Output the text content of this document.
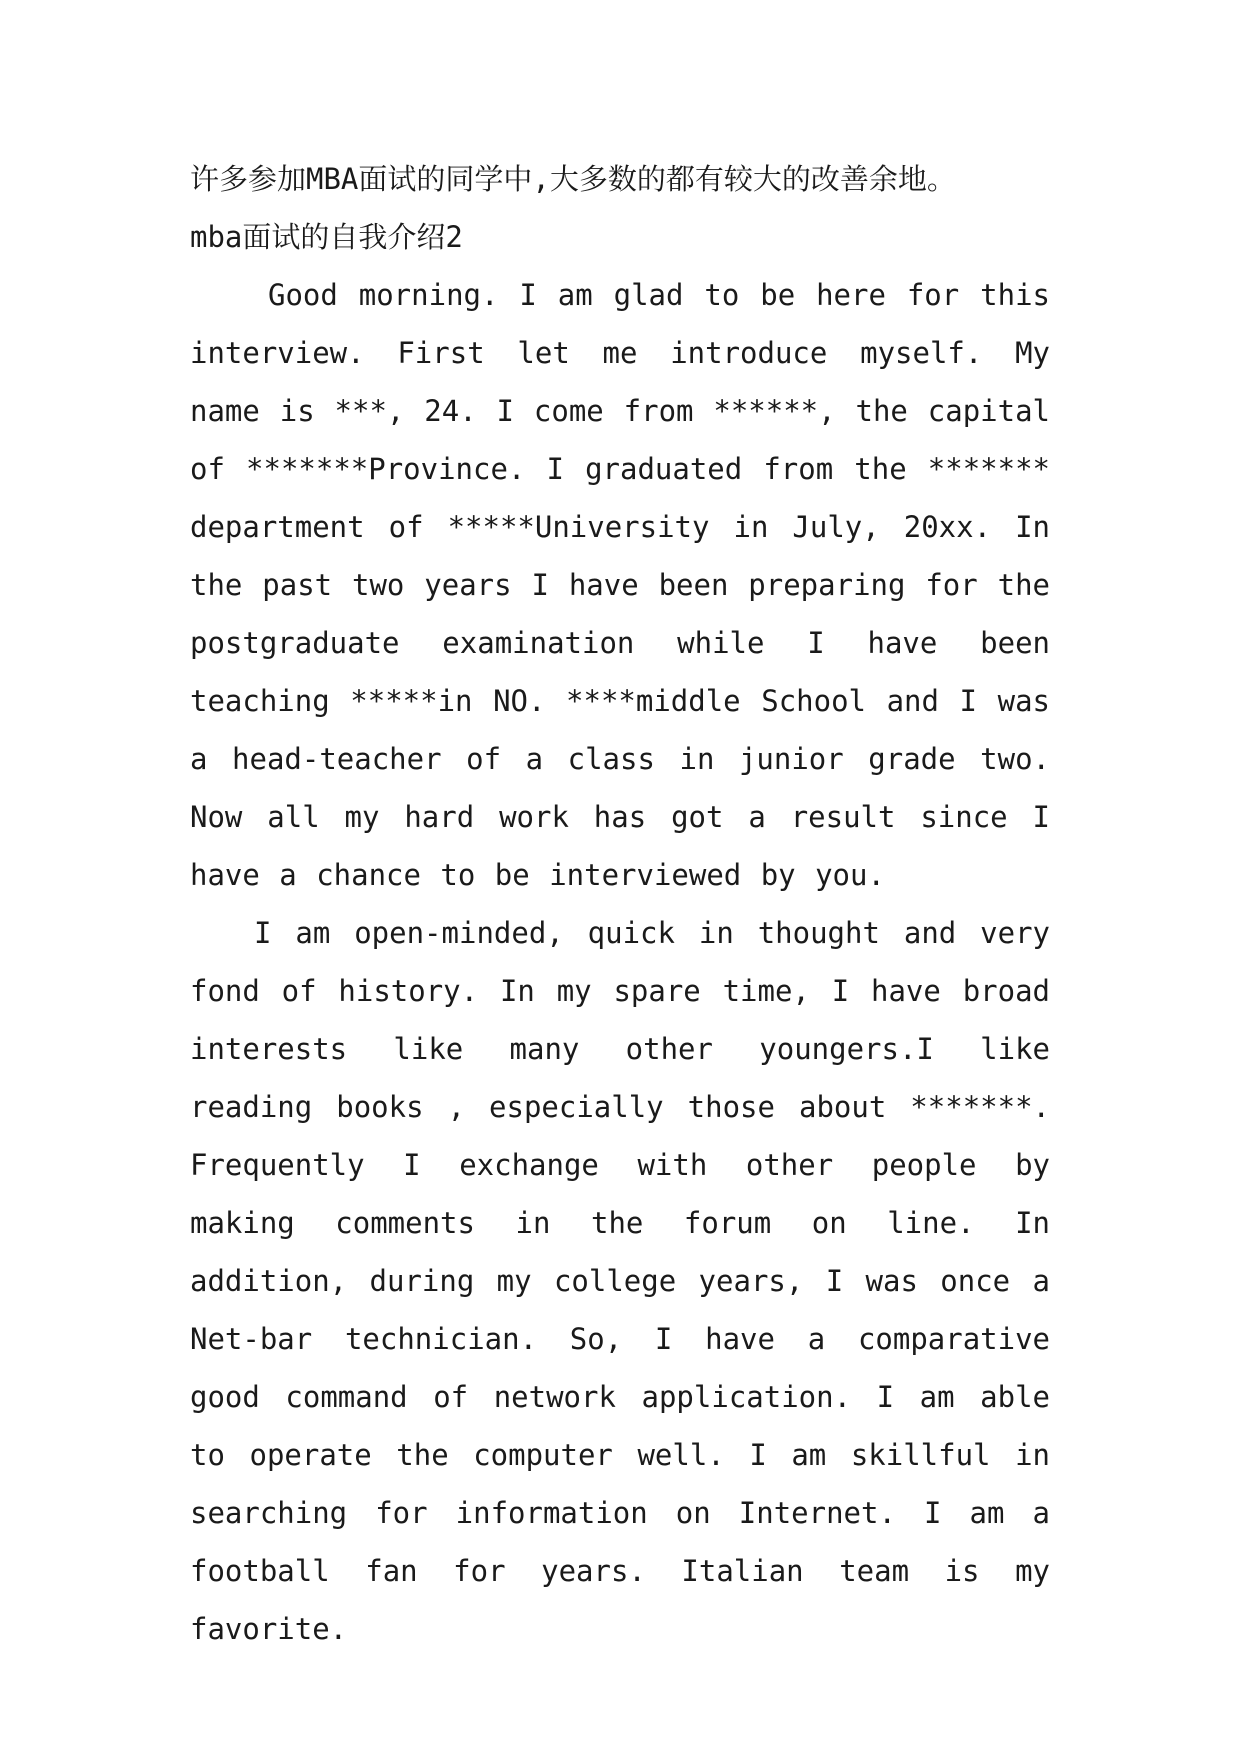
许多参加MBA面试的同学中,大多数的都有较大的改善余地。

mba面试的自我介绍2

Good morning. I am glad to be here for this interview. First let me introduce myself. My name is ***, 24. I come from ******, the capital of *******Province. I graduated from the ******* department of *****University in July, 20xx. In the past two years I have been preparing for the postgraduate examination while I have been teaching *****in NO. ****middle School and I was a head-teacher of a class in junior grade two. Now all my hard work has got a result since I have a chance to be interviewed by you.

I am open-minded, quick in thought and very fond of history. In my spare time, I have broad interests like many other youngers.I like reading books , especially those about *******. Frequently I exchange with other people by making comments in the forum on line. In addition, during my college years, I was once a Net-bar technician. So, I have a comparative good command of network application. I am able to operate the computer well. I am skillful in searching for information on Internet. I am a football fan for years. Italian team is my favorite.
